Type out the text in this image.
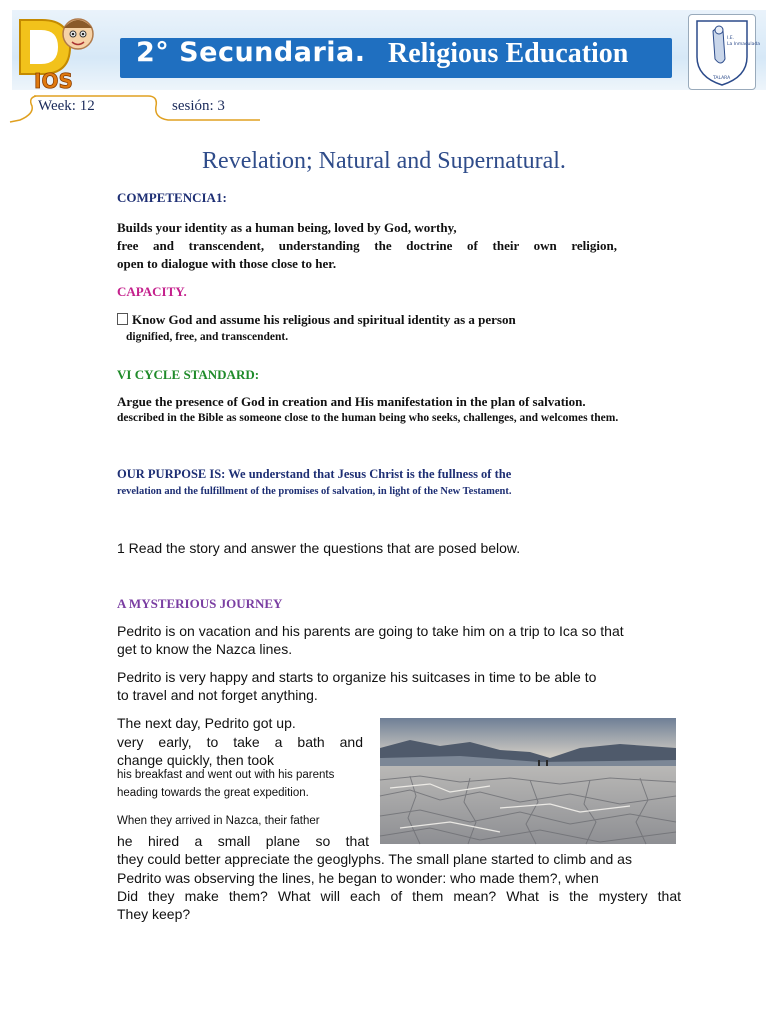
IOS
2° Secundaria. Religious Education	I.E.
La Inmaculada
TALARA
Week: 12	sesión: 3
Revelation; Natural and Supernatural.
COMPETENCIA1:
Builds your identity as a human being, loved by God, worthy,
free and transcendent, understanding the doctrine of their own religion,
open to dialogue with those close to her.
CAPACITY.
Know God and assume his religious and spiritual identity as a person
dignified, free, and transcendent.
VI CYCLE STANDARD:
Argue the presence of God in creation and His manifestation in the plan of salvation.
described in the Bible as someone close to the human being who seeks, challenges, and welcomes them.
OUR PURPOSE IS: We understand that Jesus Christ is the fullness of the
revelation and the fulfillment of the promises of salvation, in light of the New Testament.
1 Read the story and answer the questions that are posed below.
A MYSTERIOUS JOURNEY
Pedrito is on vacation and his parents are going to take him on a trip to Ica so that
get to know the Nazca lines.
Pedrito is very happy and starts to organize his suitcases in time to be able to
to travel and not forget anything.
The next day, Pedrito got up.
very early, to take a bath and
change quickly, then took
his breakfast and went out with his parents
heading towards the great expedition.
When they arrived in Nazca, their father
he hired a small plane so that
they could better appreciate the geoglyphs. The small plane started to climb and as
Pedrito was observing the lines, he began to wonder: who made them?, when
Did they make them? What will each of them mean? What is the mystery that
They keep?
